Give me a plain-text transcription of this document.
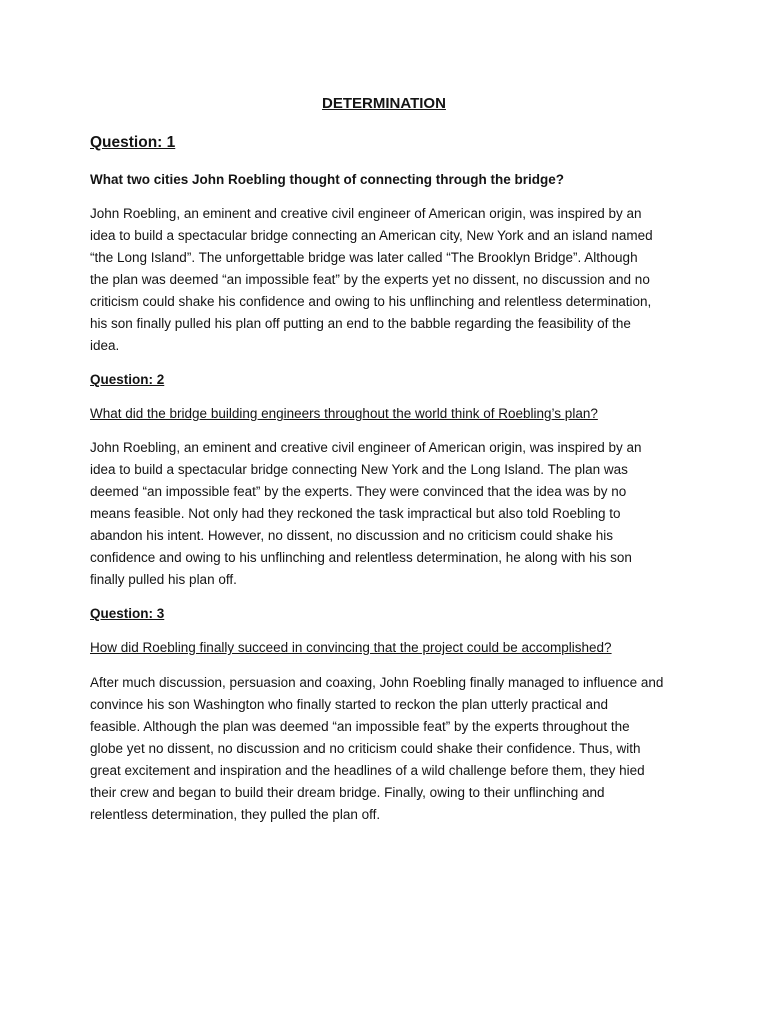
DETERMINATION
Question: 1

What two cities John Roebling thought of connecting through the bridge?

John Roebling, an eminent and creative civil engineer of American origin, was inspired by an
idea to build a spectacular bridge connecting an American city, New York and an island named
“the Long Island”. The unforgettable bridge was later called “The Brooklyn Bridge”. Although
the plan was deemed “an impossible feat” by the experts yet no dissent, no discussion and no
criticism could shake his confidence and owing to his unflinching and relentless determination,
his son finally pulled his plan off putting an end to the babble regarding the feasibility of the
idea.
Question: 2

What did the bridge building engineers throughout the world think of Roebling’s plan?

John Roebling, an eminent and creative civil engineer of American origin, was inspired by an
idea to build a spectacular bridge connecting New York and the Long Island. The plan was
deemed “an impossible feat” by the experts. They were convinced that the idea was by no
means feasible. Not only had they reckoned the task impractical but also told Roebling to
abandon his intent. However, no dissent, no discussion and no criticism could shake his
confidence and owing to his unflinching and relentless determination, he along with his son
finally pulled his plan off.
Question: 3

How did Roebling finally succeed in convincing that the project could be accomplished?

After much discussion, persuasion and coaxing, John Roebling finally managed to influence and
convince his son Washington who finally started to reckon the plan utterly practical and
feasible. Although the plan was deemed “an impossible feat” by the experts throughout the
globe yet no dissent, no discussion and no criticism could shake their confidence. Thus, with
great excitement and inspiration and the headlines of a wild challenge before them, they hied
their crew and began to build their dream bridge. Finally, owing to their unflinching and
relentless determination, they pulled the plan off.
